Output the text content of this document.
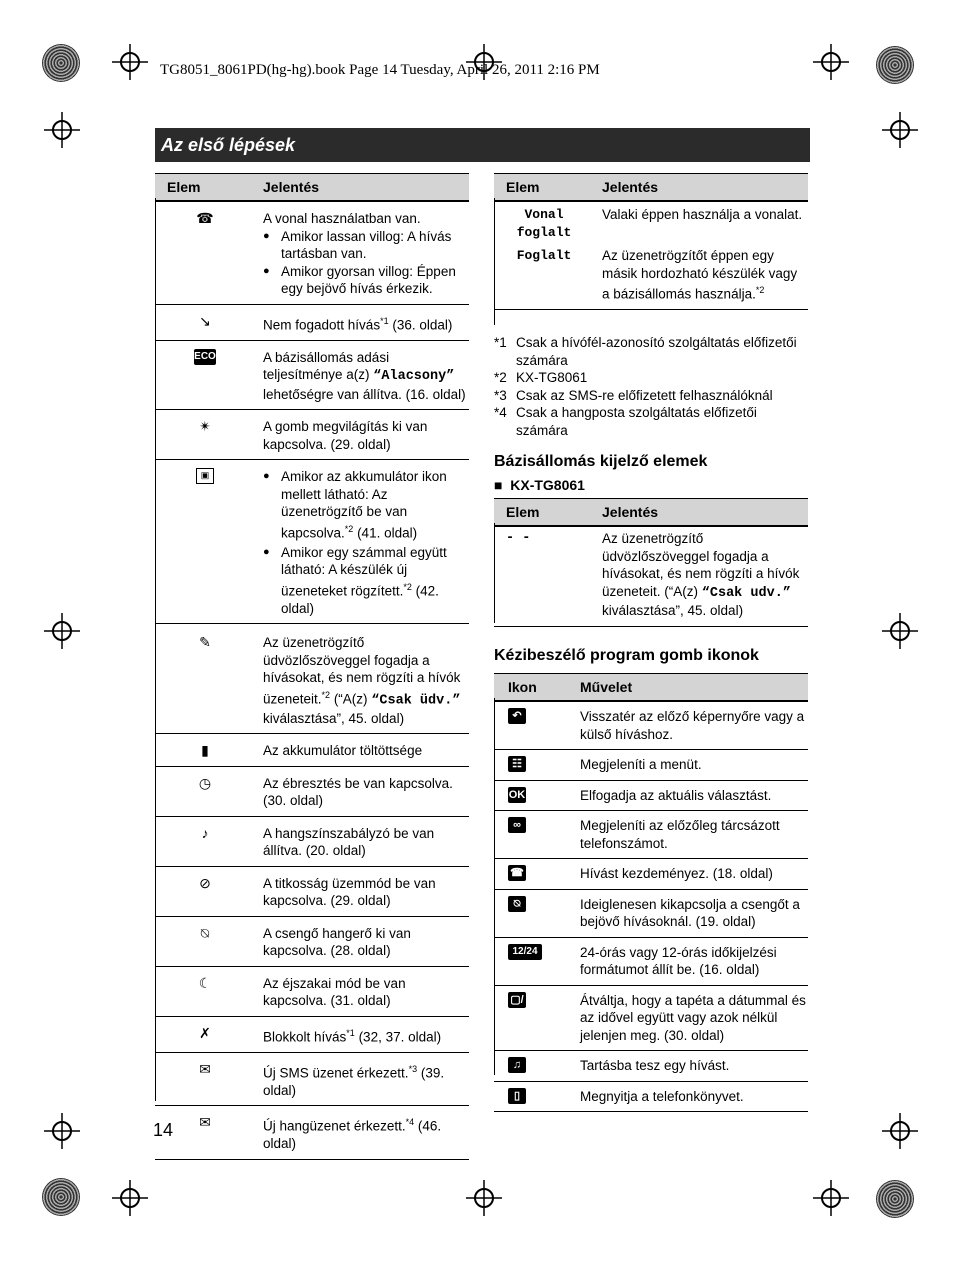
TG8051_8061PD(hg-hg).book Page 14 Tuesday, April 26, 2011 2:16 PM
Az első lépések
Elem	Jelentés
☎	A vonal használatban van.
● Amikor lassan villog: A hívás tartásban van.
● Amikor gyorsan villog: Éppen egy bejövő hívás érkezik.
↘	Nem fogadott hívás$^{*1}$ (36. oldal)
ECO	A bázisállomás adási teljesítménye a(z) “Alacsony” lehetőségre van állítva. (16. oldal)
✴	A gomb megvilágítás ki van kapcsolva. (29. oldal)
▣
●	Amikor az akkumulátor ikon mellett látható: Az üzenetrögzítő be van kapcsolva.$^{*2}$ (41. oldal)
● Amikor egy számmal együtt látható: A készülék új üzeneteket rögzített.$^{*2}$ (42. oldal)
✎	Az üzenetrögzítő üdvözlőszöveggel fogadja a hívásokat, és nem rögzíti a hívók üzeneteit.$^{*2}$ (“A(z) “Csak üdv.” kiválasztása”, 45. oldal)
▮	Az akkumulátor töltöttsége
◷	Az ébresztés be van kapcsolva. (30. oldal)
♪	A hangszínszabályzó be van állítva. (20. oldal)
⊘	A titkosság üzemmód be van kapcsolva. (29. oldal)
⍉	A csengő hangerő ki van kapcsolva. (28. oldal)
☾	Az éjszakai mód be van kapcsolva. (31. oldal)
✗	Blokkolt hívás$^{*1}$ (32, 37. oldal)
✉	Új SMS üzenet érkezett.$^{*3}$ (39. oldal)
✉	Új hangüzenet érkezett.$^{*4}$ (46. oldal)
Elem	Jelentés
Vonal foglalt
Valaki éppen használja a vonalat.
Foglalt	Az üzenetrögzítőt éppen egy másik hordozható készülék vagy a bázisállomás használja.$^{*2}$
*1 Csak a hívófél-azonosító szolgáltatás előfizetői számára
*2 KX-TG8061
*3 Csak az SMS-re előfizetett felhasználóknál
*4 Csak a hangposta szolgáltatás előfizetői számára
Bázisállomás kijelző elemek
■  KX-TG8061
Elem	Jelentés
- -	Az üzenetrögzítő üdvözlőszöveggel fogadja a hívásokat, és nem rögzíti a hívók üzeneteit. (“A(z) “Csak udv.” kiválasztása”, 45. oldal)
Kézibeszélő program gomb ikonok
Ikon	Művelet
↶	Visszatér az előző képernyőre vagy a külső híváshoz.
☷	Megjeleníti a menüt.
OK	Elfogadja az aktuális választást.
∞	Megjeleníti az előzőleg tárcsázott telefonszámot.
☎	Hívást kezdeményez. (18. oldal)
⍉	Ideiglenesen kikapcsolja a csengőt a bejövő hívásoknál. (19. oldal)
12/24	24-órás vagy 12-órás időkijelzési formátumot állít be. (16. oldal)
▢/▤
Átváltja, hogy a tapéta a dátummal és az idővel együtt vagy azok nélkül jelenjen meg. (30. oldal)
♫	Tartásba tesz egy hívást.
▯	Megnyitja a telefonkönyvet.
14
